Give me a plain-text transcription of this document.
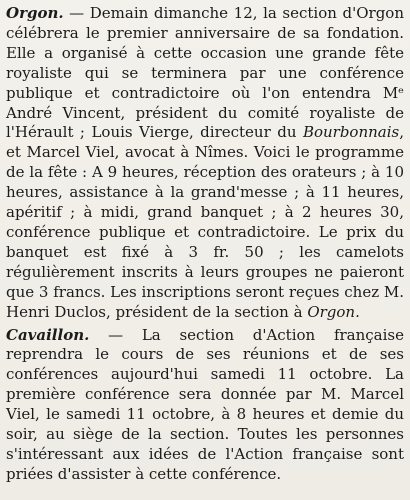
Orgon. — Demain dimanche 12, la section d'Orgon célébrera le premier anniversaire de sa fondation. Elle a organisé à cette occasion une grande fête royaliste qui se terminera par une conférence publique et contradictoire où l'on entendra Mᵉ André Vincent, président du comité royaliste de l'Hérault ; Louis Vierge, directeur du Bourbonnais, et Marcel Viel, avocat à Nîmes. Voici le programme de la fête : A 9 heures, réception des orateurs ; à 10 heures, assistance à la grand'messe ; à 11 heures, apéritif ; à midi, grand banquet ; à 2 heures 30, conférence publique et contradictoire. Le prix du banquet est fixé à 3 fr. 50 ; les camelots régulièrement inscrits à leurs groupes ne paieront que 3 francs. Les inscriptions seront reçues chez M. Henri Duclos, président de la section à Orgon.

Cavaillon. — La section d'Action française reprendra le cours de ses réunions et de ses conférences aujourd'hui samedi 11 octobre. La première conférence sera donnée par M. Marcel Viel, le samedi 11 octobre, à 8 heures et demie du soir, au siège de la section. Toutes les personnes s'intéressant aux idées de l'Action française sont priées d'assister à cette conférence.
